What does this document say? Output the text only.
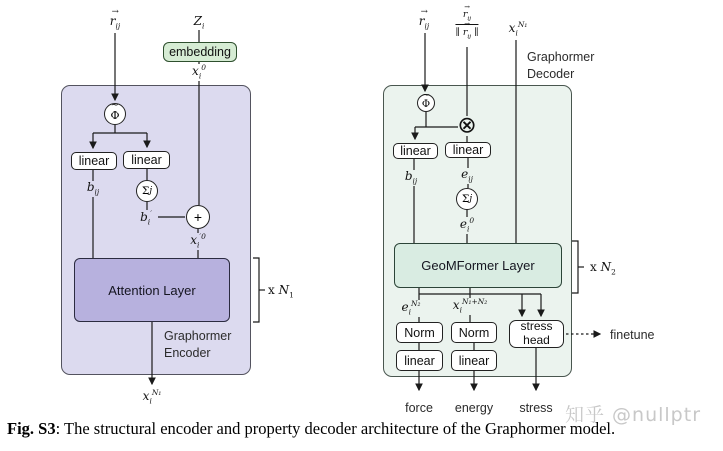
→
$r_{ij}$	$Z_i$
embedding
$x_i^0$
~
Φ
linear linear
$b_{ij}$	Σ j
$b_i'$	+
$x_i^{'0}$
Attention Layer	x $N_1$
Graphormer
Encoder
$x_i^{N_1}$
→
$r_{ij}$
→
$r_{ij}$
∥
→
$r_{ij}$ ∥	$x_i^{N_1}$
Graphormer
Decoder
~
Φ
⊗
linear linear
$b_{ij}$	$e_{ij}$
Σ j
$e_i^0$
GeoMFormer Layer	x $N_2$
$e_i^{N_2}$	$x_i^{N_1+N_2}$
Norm Norm
linear linear
stress
head	finetune
force energy stress 知乎 @nullptr
Fig. S3: The structural encoder and property decoder architecture of the Graphormer model.
